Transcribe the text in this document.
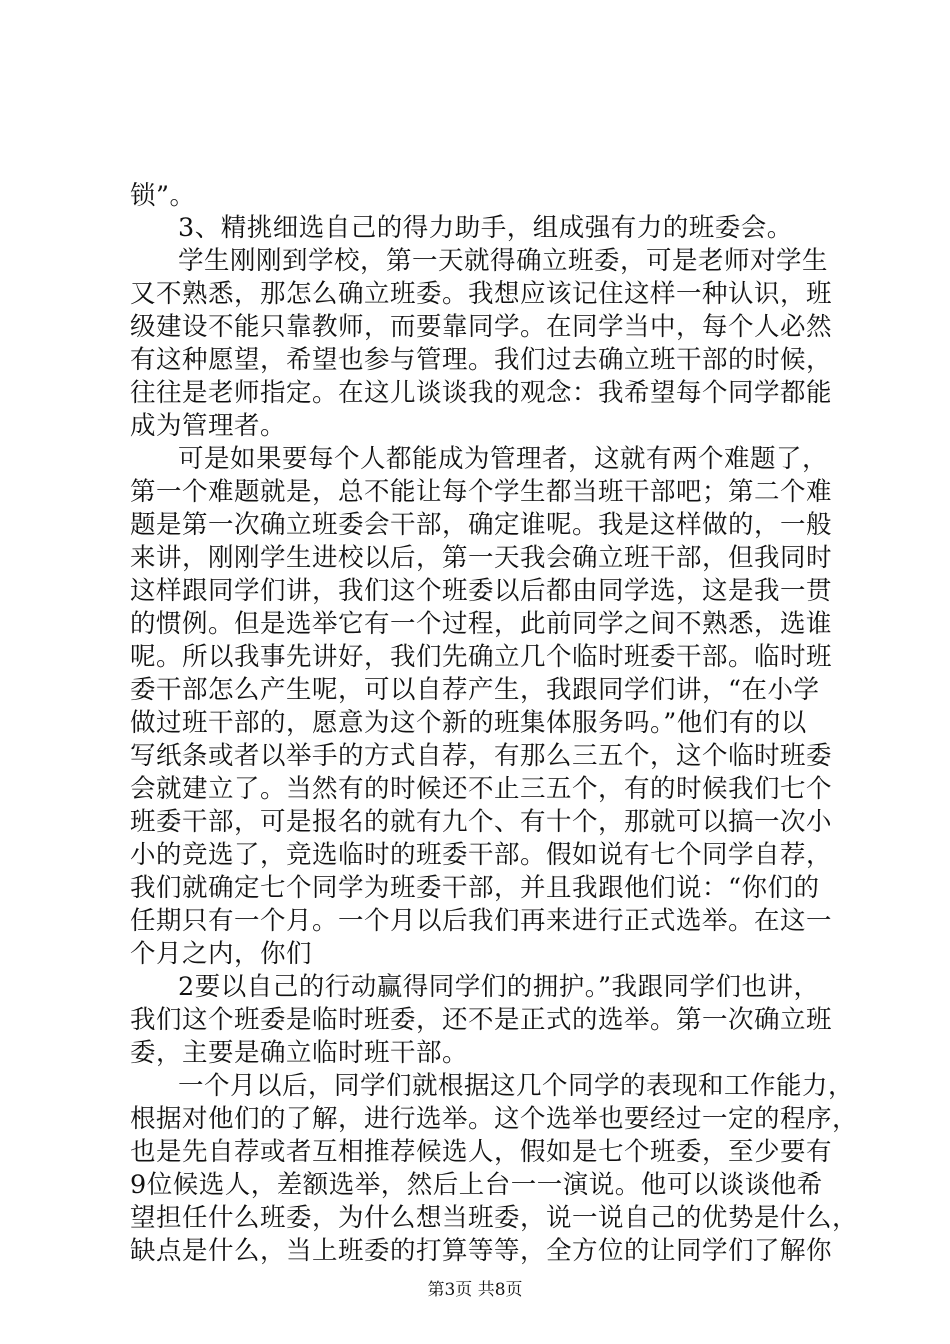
锁”。
3、精挑细选自己的得力助手，组成强有力的班委会。
学生刚刚到学校，第一天就得确立班委，可是老师对学生
又不熟悉，那怎么确立班委。我想应该记住这样一种认识，班
级建设不能只靠教师，而要靠同学。在同学当中，每个人必然
有这种愿望，希望也参与管理。我们过去确立班干部的时候，
往往是老师指定。在这儿谈谈我的观念：我希望每个同学都能
成为管理者。
可是如果要每个人都能成为管理者，这就有两个难题了，
第一个难题就是，总不能让每个学生都当班干部吧；第二个难
题是第一次确立班委会干部，确定谁呢。我是这样做的，一般
来讲，刚刚学生进校以后，第一天我会确立班干部，但我同时
这样跟同学们讲，我们这个班委以后都由同学选，这是我一贯
的惯例。但是选举它有一个过程，此前同学之间不熟悉，选谁
呢。所以我事先讲好，我们先确立几个临时班委干部。临时班
委干部怎么产生呢，可以自荐产生，我跟同学们讲，“在小学
做过班干部的，愿意为这个新的班集体服务吗。”他们有的以
写纸条或者以举手的方式自荐，有那么三五个，这个临时班委
会就建立了。当然有的时候还不止三五个，有的时候我们七个
班委干部，可是报名的就有九个、有十个，那就可以搞一次小
小的竞选了，竞选临时的班委干部。假如说有七个同学自荐，
我们就确定七个同学为班委干部，并且我跟他们说：“你们的
任期只有一个月。一个月以后我们再来进行正式选举。在这一
个月之内，你们
2要以自己的行动赢得同学们的拥护。”我跟同学们也讲，
我们这个班委是临时班委，还不是正式的选举。第一次确立班
委，主要是确立临时班干部。
一个月以后，同学们就根据这几个同学的表现和工作能力，
根据对他们的了解，进行选举。这个选举也要经过一定的程序，
也是先自荐或者互相推荐候选人，假如是七个班委，至少要有
9位候选人，差额选举，然后上台一一演说。他可以谈谈他希
望担任什么班委，为什么想当班委，说一说自己的优势是什么，
缺点是什么，当上班委的打算等等，全方位的让同学们了解你
第3页 共8页
